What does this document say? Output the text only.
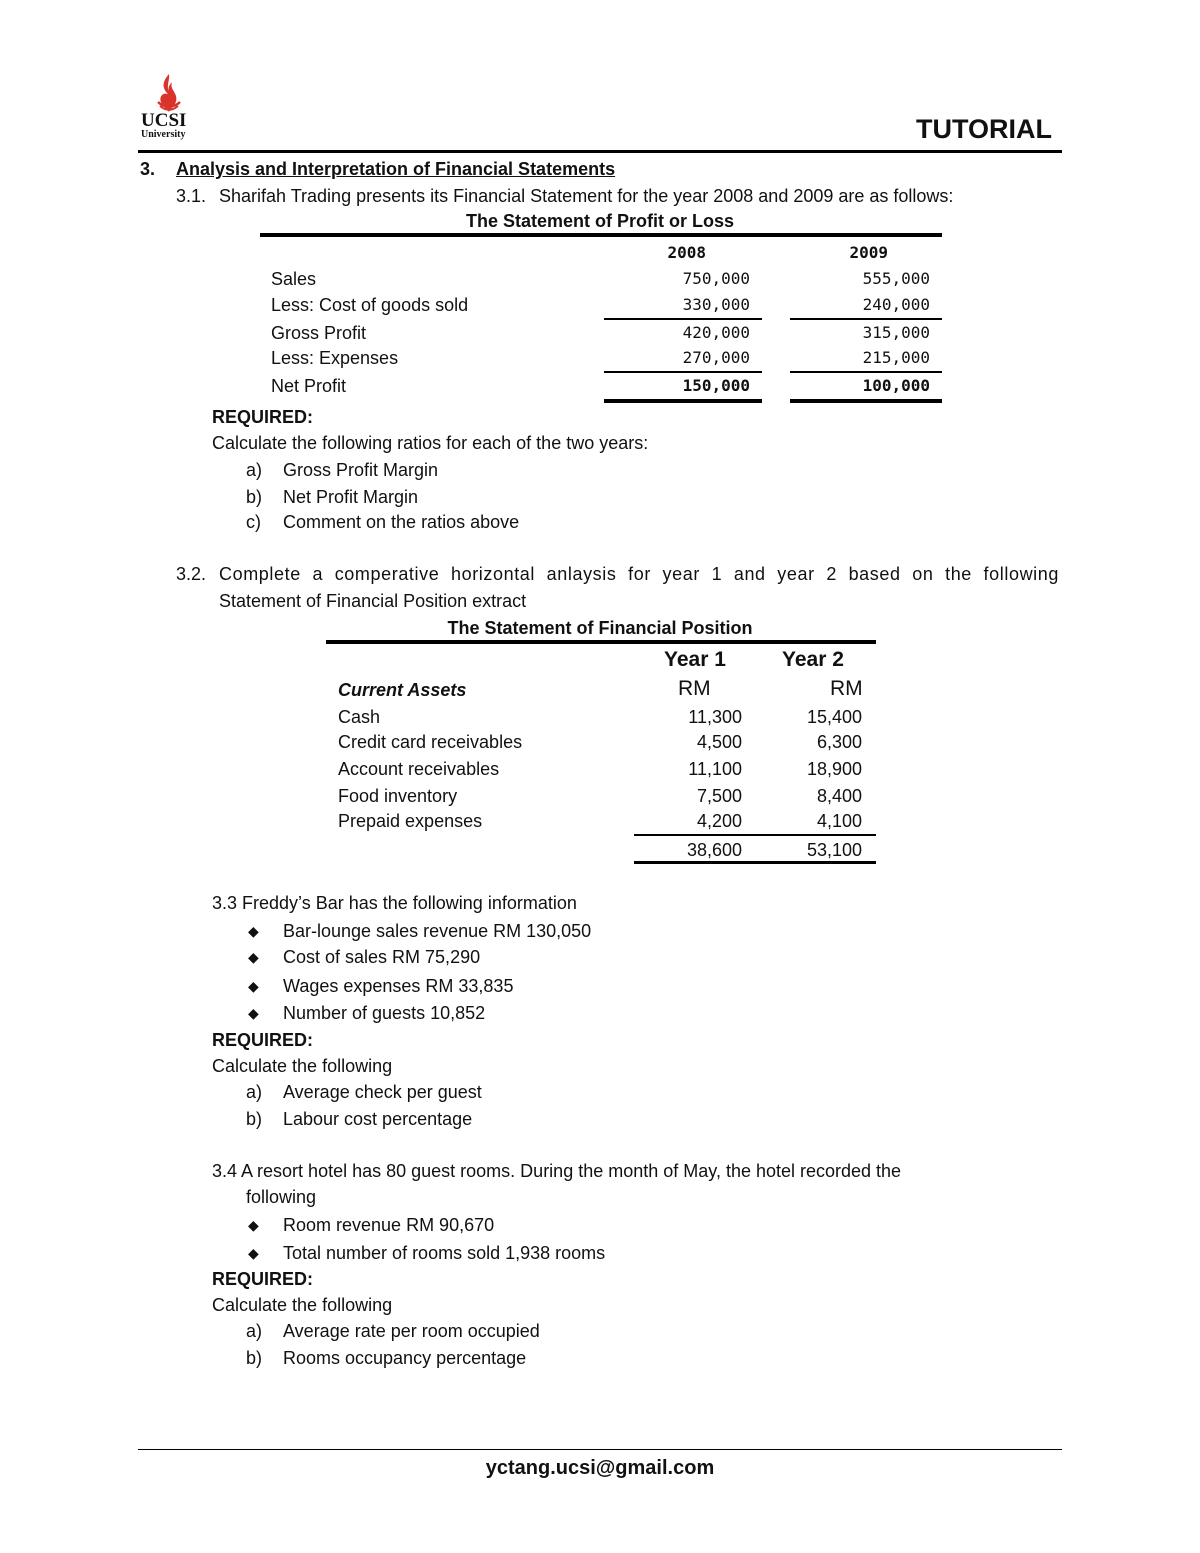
UCSI
University	TUTORIAL
3. Analysis and Interpretation of Financial Statements
3.1. Sharifah Trading presents its Financial Statement for the year 2008 and 2009 are as follows:
The Statement of Profit or Loss
2008	2009
Sales	750,000	555,000
Less: Cost of goods sold	330,000	240,000
Gross Profit	420,000	315,000
Less: Expenses	270,000	215,000
Net Profit	150,000	100,000
REQUIRED:
Calculate the following ratios for each of the two years:
a) Gross Profit Margin
b) Net Profit Margin
c) Comment on the ratios above
3.2. Complete a comperative horizontal anlaysis for year 1 and year 2 based on the following
Statement of Financial Position extract
The Statement of Financial Position
Year 1	Year 2
Current Assets	RM	RM
Cash	11,300	15,400
Credit card receivables	4,500	6,300
Account receivables	11,100	18,900
Food inventory	7,500	8,400
Prepaid expenses	4,200	4,100
38,600	53,100
3.3 Freddy’s Bar has the following information
◆ Bar-lounge sales revenue RM 130,050
◆ Cost of sales RM 75,290
◆ Wages expenses RM 33,835
◆ Number of guests 10,852
REQUIRED:
Calculate the following
a) Average check per guest
b) Labour cost percentage
3.4 A resort hotel has 80 guest rooms. During the month of May, the hotel recorded the
following
◆ Room revenue RM 90,670
◆ Total number of rooms sold 1,938 rooms
REQUIRED:
Calculate the following
a) Average rate per room occupied
b) Rooms occupancy percentage
yctang.ucsi@gmail.com
